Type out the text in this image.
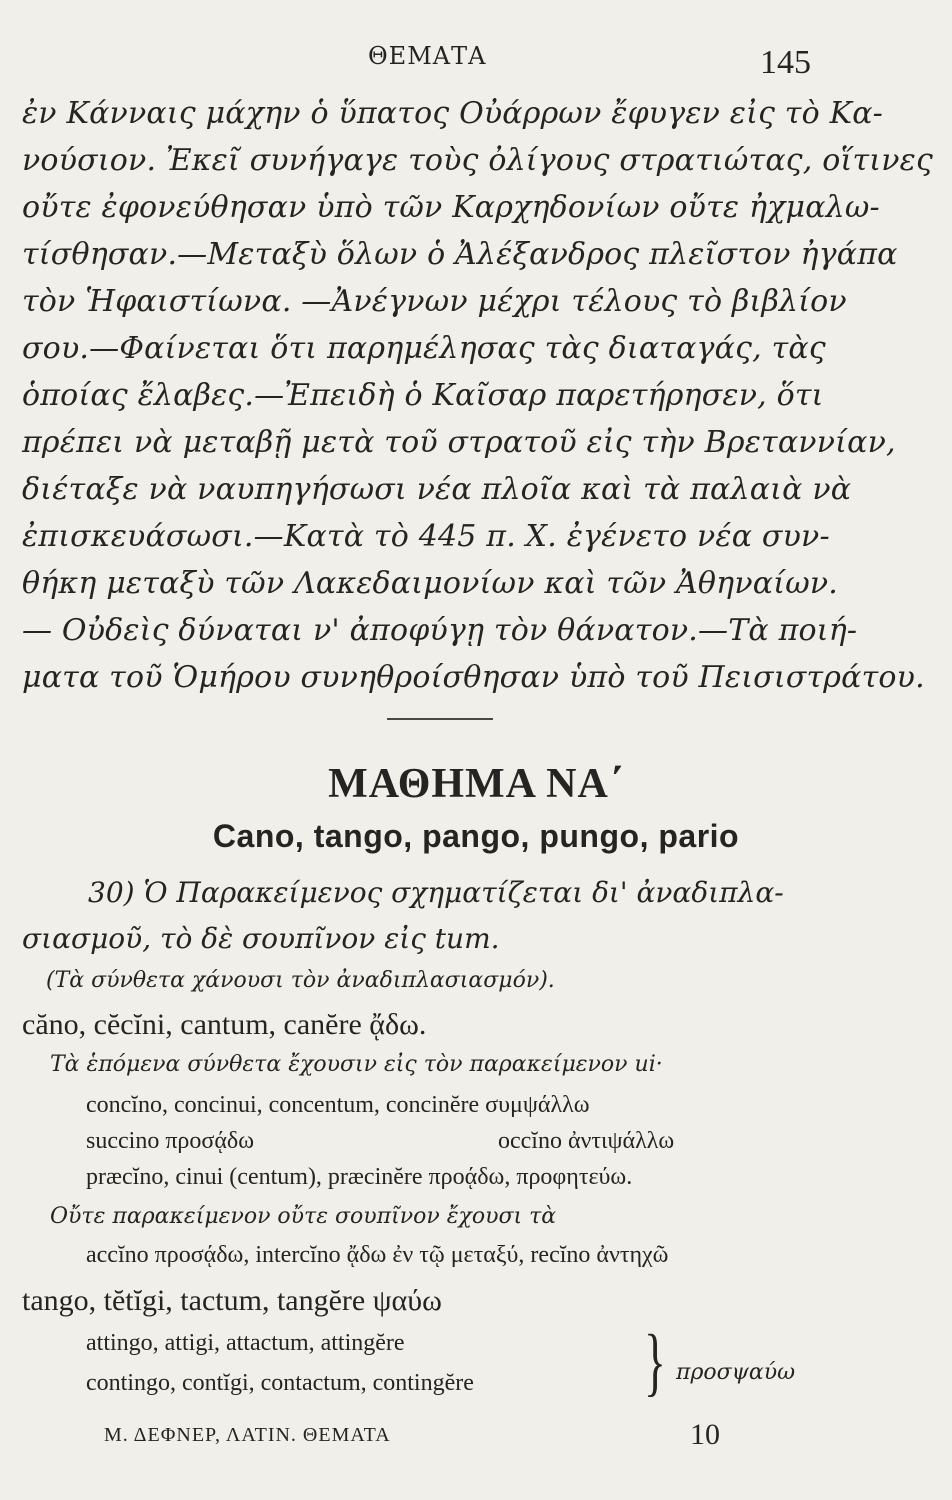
ΘΕΜΑΤΑ	145
ἐν Κάνναις μάχην ὁ ὕπατος Οὐάρρων ἔφυγεν εἰς τὸ Κα-
νούσιον. Ἐκεῖ συνήγαγε τοὺς ὀλίγους στρατιώτας, οἵτινες
οὔτε ἐφονεύθησαν ὑπὸ τῶν Καρχηδονίων οὔτε ἠχμαλω-
τίσθησαν.—Μεταξὺ ὅλων ὁ Ἀλέξανδρος πλεῖστον ἠγάπα
τὸν Ἡφαιστίωνα. —Ἀνέγνων μέχρι τέλους τὸ βιβλίον
σου.—Φαίνεται ὅτι παρημέλησας τὰς διαταγάς, τὰς
ὁποίας ἔλαβες.—Ἐπειδὴ ὁ Καῖσαρ παρετήρησεν, ὅτι
πρέπει νὰ μεταβῇ μετὰ τοῦ στρατοῦ εἰς τὴν Βρεταννίαν,
διέταξε νὰ ναυπηγήσωσι νέα πλοῖα καὶ τὰ παλαιὰ νὰ
ἐπισκευάσωσι.—Κατὰ τὸ 445 π. Χ. ἐγένετο νέα συν-
θήκη μεταξὺ τῶν Λακεδαιμονίων καὶ τῶν Ἀθηναίων.
— Οὐδεὶς δύναται ν' ἀποφύγῃ τὸν θάνατον.—Τὰ ποιή-
ματα τοῦ Ὁμήρου συνηθροίσθησαν ὑπὸ τοῦ Πεισιστράτου.
ΜΑΘΗΜΑ ΝΑ΄
Cano, tango, pango, pungo, pario
30) Ὁ Παρακείμενος σχηματίζεται δι' ἀναδιπλα-
σιασμοῦ, τὸ δὲ σουπῖνον εἰς tum.
(Τὰ σύνθετα χάνουσι τὸν ἀναδιπλασιασμόν).
căno, cĕcĭni, cantum, canĕre ᾄδω.
Τὰ ἑπόμενα σύνθετα ἔχουσιν εἰς τὸν παρακείμενον ui·
concĭno, concinui, concentum, concinĕre συμψάλλω
succino προσᾴδω	occĭno ἀντιψάλλω
præcĭno, cinui (centum), præcinĕre προᾴδω, προφητεύω.
Οὔτε παρακείμενον οὔτε σουπῖνον ἔχουσι τὰ
accĭno προσᾴδω, intercĭno ᾄδω ἐν τῷ μεταξύ, recĭno ἀντηχῶ
tango, tĕtĭgi, tactum, tangĕre ψαύω
attingo, attigi, attactum, attingĕre
contingo, contĭgi, contactum, contingĕre } προσψαύω
Μ. ΔΕΦΝΕΡ, ΛΑΤΙΝ. ΘΕΜΑΤΑ	10
